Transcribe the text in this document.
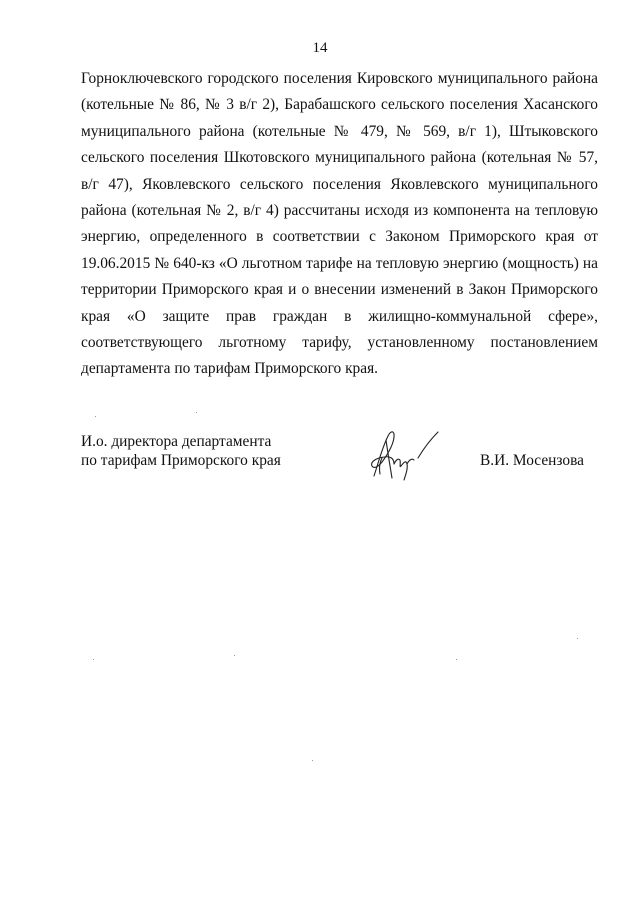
14
Горноключевского городского поселения Кировского муниципального района
(котельные № 86, № 3 в/г 2), Барабашского сельского поселения Хасанского
муниципального района (котельные № 479, № 569, в/г 1), Штыковского
сельского поселения Шкотовского муниципального района (котельная № 57,
в/г 47), Яковлевского сельского поселения Яковлевского муниципального
района (котельная № 2, в/г 4) рассчитаны исходя из компонента на тепловую
энергию, определенного в соответствии с Законом Приморского края от
19.06.2015 № 640-кз «О льготном тарифе на тепловую энергию (мощность) на
территории Приморского края и о внесении изменений в Закон Приморского
края «О защите прав граждан в жилищно-коммунальной сфере»,
соответствующего льготному тарифу, установленному постановлением
департамента по тарифам Приморского края.
И.о. директора департамента
по тарифам Приморского края	В.И. Мосензова
